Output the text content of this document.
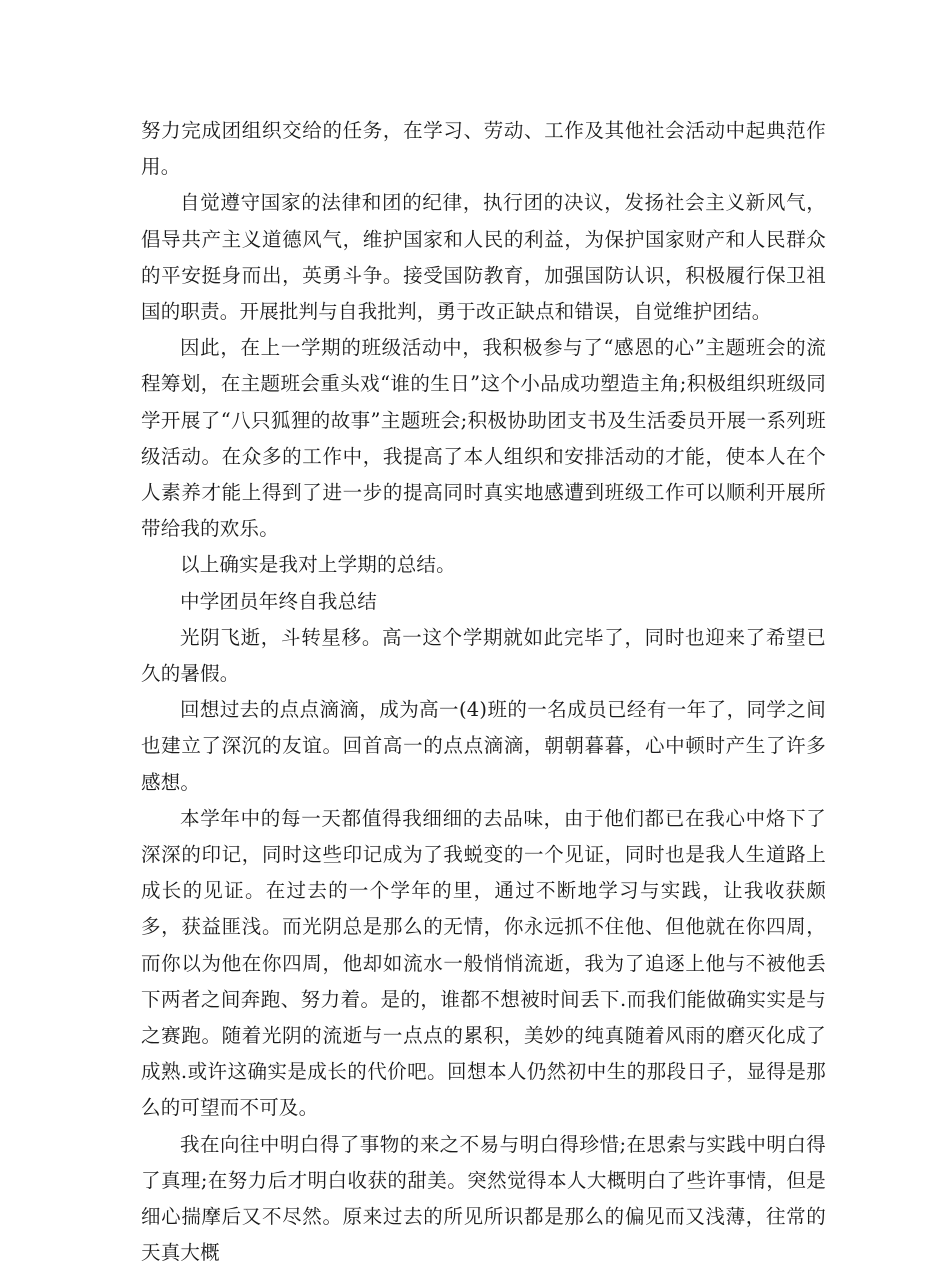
努力完成团组织交给的任务，在学习、劳动、工作及其他社会活动中起典范作用。

自觉遵守国家的法律和团的纪律，执行团的决议，发扬社会主义新风气，倡导共产主义道德风气，维护国家和人民的利益，为保护国家财产和人民群众的平安挺身而出，英勇斗争。接受国防教育，加强国防认识，积极履行保卫祖国的职责。开展批判与自我批判，勇于改正缺点和错误，自觉维护团结。

因此，在上一学期的班级活动中，我积极参与了“感恩的心”主题班会的流程筹划，在主题班会重头戏“谁的生日”这个小品成功塑造主角;积极组织班级同学开展了“八只狐狸的故事”主题班会;积极协助团支书及生活委员开展一系列班级活动。在众多的工作中，我提高了本人组织和安排活动的才能，使本人在个人素养才能上得到了进一步的提高同时真实地感遭到班级工作可以顺利开展所带给我的欢乐。

以上确实是我对上学期的总结。

中学团员年终自我总结

光阴飞逝，斗转星移。高一这个学期就如此完毕了，同时也迎来了希望已久的暑假。

回想过去的点点滴滴，成为高一(4)班的一名成员已经有一年了，同学之间也建立了深沉的友谊。回首高一的点点滴滴，朝朝暮暮，心中顿时产生了许多感想。

本学年中的每一天都值得我细细的去品味，由于他们都已在我心中烙下了深深的印记，同时这些印记成为了我蜕变的一个见证，同时也是我人生道路上成长的见证。在过去的一个学年的里，通过不断地学习与实践，让我收获颇多，获益匪浅。而光阴总是那么的无情，你永远抓不住他、但他就在你四周，而你以为他在你四周，他却如流水一般悄悄流逝，我为了追逐上他与不被他丢下两者之间奔跑、努力着。是的，谁都不想被时间丢下.而我们能做确实实是与之赛跑。随着光阴的流逝与一点点的累积，美妙的纯真随着风雨的磨灭化成了成熟.或许这确实是成长的代价吧。回想本人仍然初中生的那段日子，显得是那么的可望而不可及。

我在向往中明白得了事物的来之不易与明白得珍惜;在思索与实践中明白得了真理;在努力后才明白收获的甜美。突然觉得本人大概明白了些许事情，但是细心揣摩后又不尽然。原来过去的所见所识都是那么的偏见而又浅薄，往常的天真大概
